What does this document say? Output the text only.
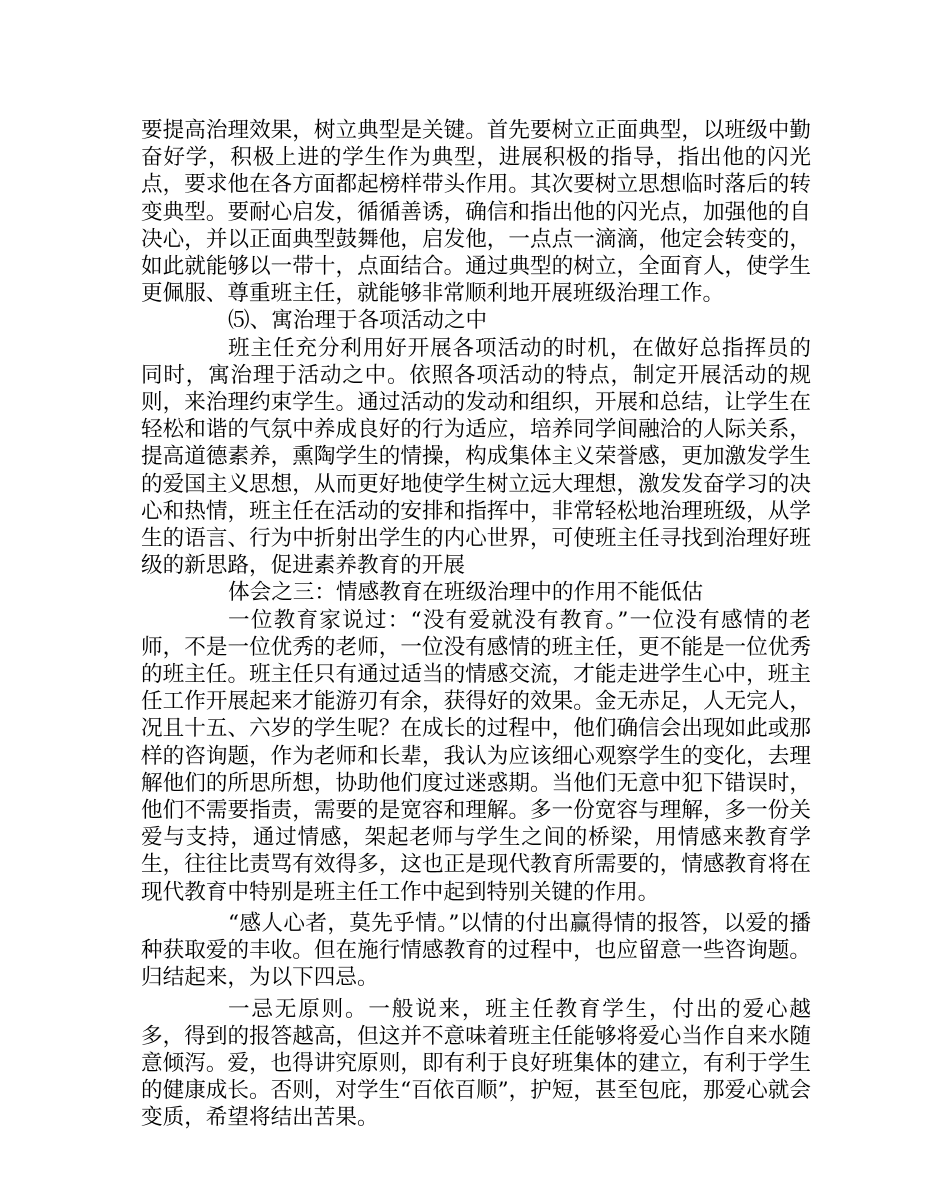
要提高治理效果，树立典型是关键。首先要树立正面典型，以班级中勤奋好学，积极上进的学生作为典型，进展积极的指导，指出他的闪光点，要求他在各方面都起榜样带头作用。其次要树立思想临时落后的转变典型。要耐心启发，循循善诱，确信和指出他的闪光点，加强他的自决心，并以正面典型鼓舞他，启发他，一点点一滴滴，他定会转变的，如此就能够以一带十，点面结合。通过典型的树立，全面育人，使学生更佩服、尊重班主任，就能够非常顺利地开展班级治理工作。

⑸、寓治理于各项活动之中

班主任充分利用好开展各项活动的时机，在做好总指挥员的同时，寓治理于活动之中。依照各项活动的特点，制定开展活动的规则，来治理约束学生。通过活动的发动和组织，开展和总结，让学生在轻松和谐的气氛中养成良好的行为适应，培养同学间融洽的人际关系，提高道德素养，熏陶学生的情操，构成集体主义荣誉感，更加激发学生的爱国主义思想，从而更好地使学生树立远大理想，激发发奋学习的决心和热情，班主任在活动的安排和指挥中，非常轻松地治理班级，从学生的语言、行为中折射出学生的内心世界，可使班主任寻找到治理好班级的新思路，促进素养教育的开展

体会之三：情感教育在班级治理中的作用不能低估

一位教育家说过：“没有爱就没有教育。”一位没有感情的老师，不是一位优秀的老师，一位没有感情的班主任，更不能是一位优秀的班主任。班主任只有通过适当的情感交流，才能走进学生心中，班主任工作开展起来才能游刃有余，获得好的效果。金无赤足，人无完人，况且十五、六岁的学生呢？在成长的过程中，他们确信会出现如此或那样的咨询题，作为老师和长辈，我认为应该细心观察学生的变化，去理解他们的所思所想，协助他们度过迷惑期。当他们无意中犯下错误时，他们不需要指责，需要的是宽容和理解。多一份宽容与理解，多一份关爱与支持，通过情感，架起老师与学生之间的桥梁，用情感来教育学生，往往比责骂有效得多，这也正是现代教育所需要的，情感教育将在现代教育中特别是班主任工作中起到特别关键的作用。

“感人心者，莫先乎情。”以情的付出赢得情的报答，以爱的播种获取爱的丰收。但在施行情感教育的过程中，也应留意一些咨询题。归结起来，为以下四忌。

一忌无原则。一般说来，班主任教育学生，付出的爱心越多，得到的报答越高，但这并不意味着班主任能够将爱心当作自来水随意倾泻。爱，也得讲究原则，即有利于良好班集体的建立，有利于学生的健康成长。否则，对学生“百依百顺”，护短，甚至包庇，那爱心就会变质，希望将结出苦果。
